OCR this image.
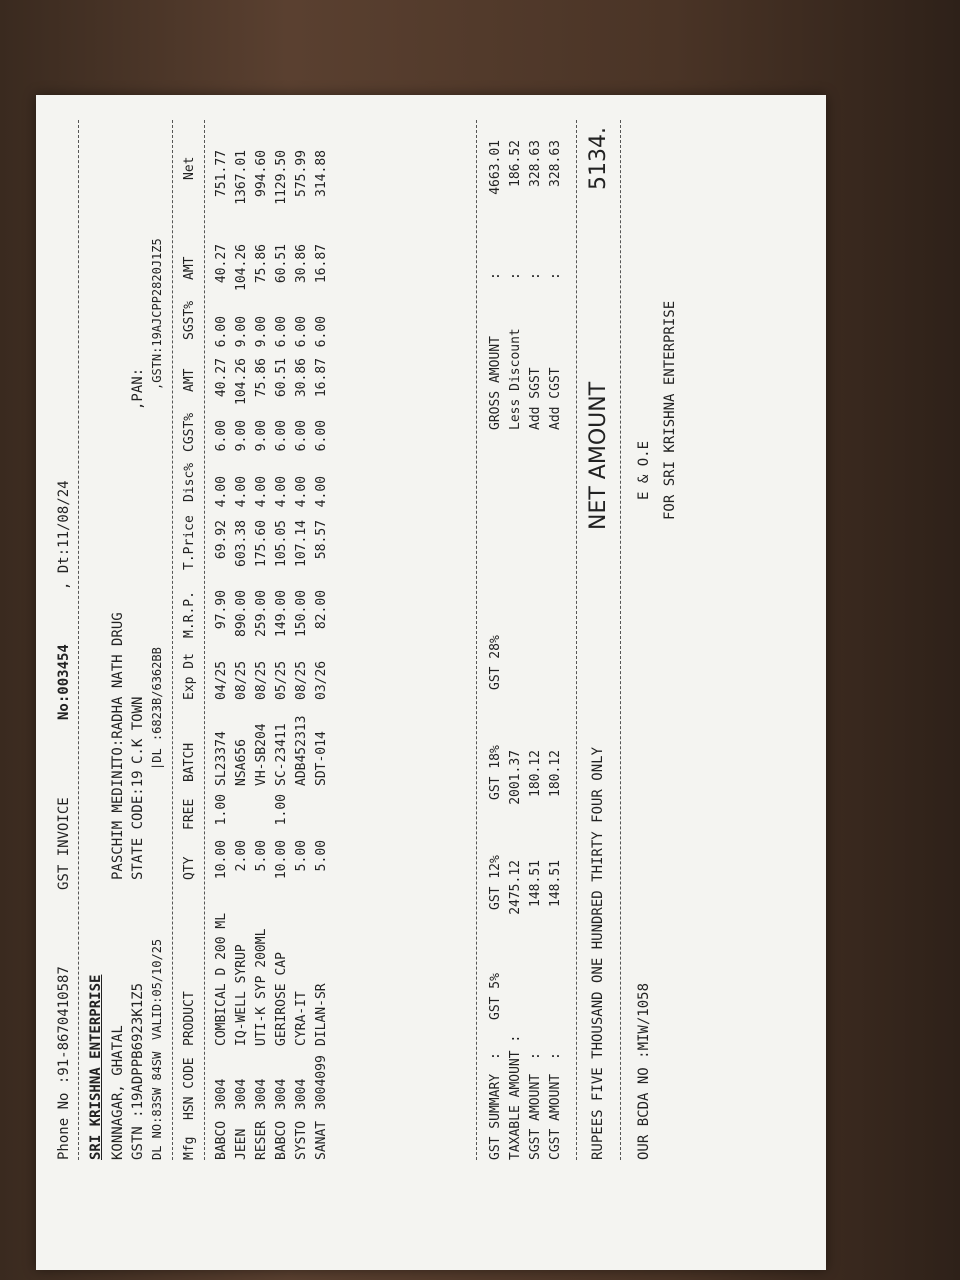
Phone No :91-8670410587
GST INVOICE
No:003454
, Dt:11/08/24
SRI KRISHNA ENTERPRISE KONNAGAR, GHATAL
PASCHIM MEDINI
TO:RADHA NATH DRUG
GSTN :19ADPPB6923K1Z5
STATE CODE:19
C.K TOWN
,PAN:
DL NO:83SW 84SW
VALID:05/10/25
|DL :6823B/6362BB
,GSTN:19AJCPP2820J1Z5
Mfg
HSN CODE
PRODUCT
QTY
FREE
BATCH
Exp Dt
M.R.P.
T.Price
Disc%
CGST%
AMT
SGST%
AMT
Net
BABCO
3004
COMBICAL D 200 ML
10.00
1.00
SL23374
04/25
97.90
69.92
4.00
6.00
40.27
6.00
40.27
751.77
JEEN
3004
IQ-WELL SYRUP
2.00
NSA656
08/25
890.00
603.38
4.00
9.00
104.26
9.00
104.26
1367.01
RESER
3004
UTI-K SYP 200ML
5.00
VH-SB204
08/25
259.00
175.60
4.00
9.00
75.86
9.00
75.86
994.60
BABCO
3004
GERIROSE CAP
10.00
1.00
SC-23411
05/25
149.00
105.05
4.00
6.00
60.51
6.00
60.51
1129.50
SYSTO
3004
CYRA-IT
5.00
ADB452313
08/25
150.00
107.14
4.00
6.00
30.86
6.00
30.86
575.99
SANAT
3004099
DILAN-SR
5.00
SDT-014
03/26
82.00
58.57
4.00
6.00
16.87
6.00
16.87
314.88
GST SUMMARY
:
GST 5%
GST 12%
GST 18%
GST 28%
GROSS AMOUNT
:
4663.01
TAXABLE AMOUNT :
2475.12
2001.37
Less Discount
:
186.52
SGST AMOUNT
:
148.51
180.12
Add SGST
:
328.63
CGST AMOUNT
:
148.51
180.12
Add CGST
:
328.63
RUPEES FIVE THOUSAND ONE HUNDRED THIRTY FOUR ONLY
NET AMOUNT
5134.
OUR BCDA NO :MIW/1058
E & O.E FOR SRI KRISHNA ENTERPRISE
